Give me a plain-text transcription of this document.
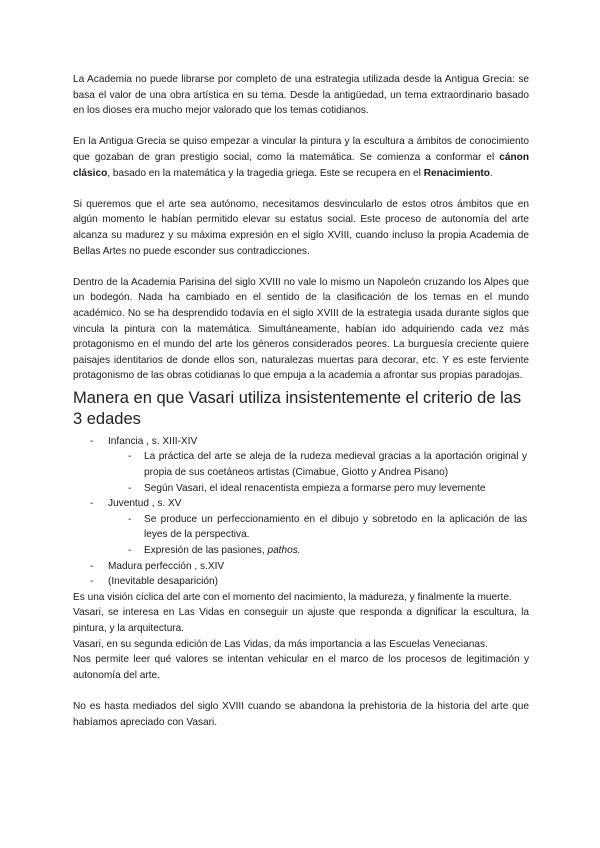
La Academia no puede librarse por completo de una estrategia utilizada desde la Antigua Grecia: se basa el valor de una obra artística en su tema. Desde la antigüedad, un tema extraordinario basado en los dioses era mucho mejor valorado que los temas cotidianos.

En la Antigua Grecia se quiso empezar a vincular la pintura y la escultura a ámbitos de conocimiento que gozaban de gran prestigio social, como la matemática. Se comienza a conformar el cánon clásico, basado en la matemática y la tragedia griega. Este se recupera en el Renacimiento.

Si queremos que el arte sea autónomo, necesitamos desvincularlo de estos otros ámbitos que en algún momento le habían permitido elevar su estatus social. Este proceso de autonomía del arte alcanza su madurez y su máxima expresión en el siglo XVIII, cuando incluso la propia Academia de Bellas Artes no puede esconder sus contradicciones.

Dentro de la Academia Parisina del siglo XVIII no vale lo mismo un Napoleón cruzando los Alpes que un bodegón. Nada ha cambiado en el sentido de la clasificación de los temas en el mundo académico. No se ha desprendido todavía en el siglo XVIII de la estrategia usada durante siglos que vincula la pintura con la matemática. Simultáneamente, habían ido adquiriendo cada vez más protagonismo en el mundo del arte los géneros considerados peores. La burguesía creciente quiere paisajes identitarios de donde ellos son, naturalezas muertas para decorar, etc. Y es este ferviente protagonismo de las obras cotidianas lo que empuja a la academia a afrontar sus propias paradojas.

Manera en que Vasari utiliza insistentemente el criterio de las 3 edades
- Infancia , s. XIII-XIV
- La práctica del arte se aleja de la rudeza medieval gracias a la aportación original y propia de sus coetáneos artistas (Cimabue, Giotto y Andrea Pisano)
- Según Vasari, el ideal renacentista empieza a formarse pero muy levemente
- Juventud , s. XV
- Se produce un perfeccionamiento en el dibujo y sobretodo en la aplicación de las leyes de la perspectiva.
- Expresión de las pasiones, pathos.
- Madura perfección , s.XIV
- (Inevitable desaparición)

Es una visión cíclica del arte con el momento del nacimiento, la madureza, y finalmente la muerte.

Vasari, se interesa en Las Vidas en conseguir un ajuste que responda a dignificar la escultura, la pintura, y la arquitectura.

Vasari, en su segunda edición de Las Vidas, da más importancia a las Escuelas Venecianas.

Nos permite leer qué valores se intentan vehicular en el marco de los procesos de legitimación y autonomía del arte.

No es hasta mediados del siglo XVIII cuando se abandona la prehistoria de la historia del arte que habíamos apreciado con Vasari.
